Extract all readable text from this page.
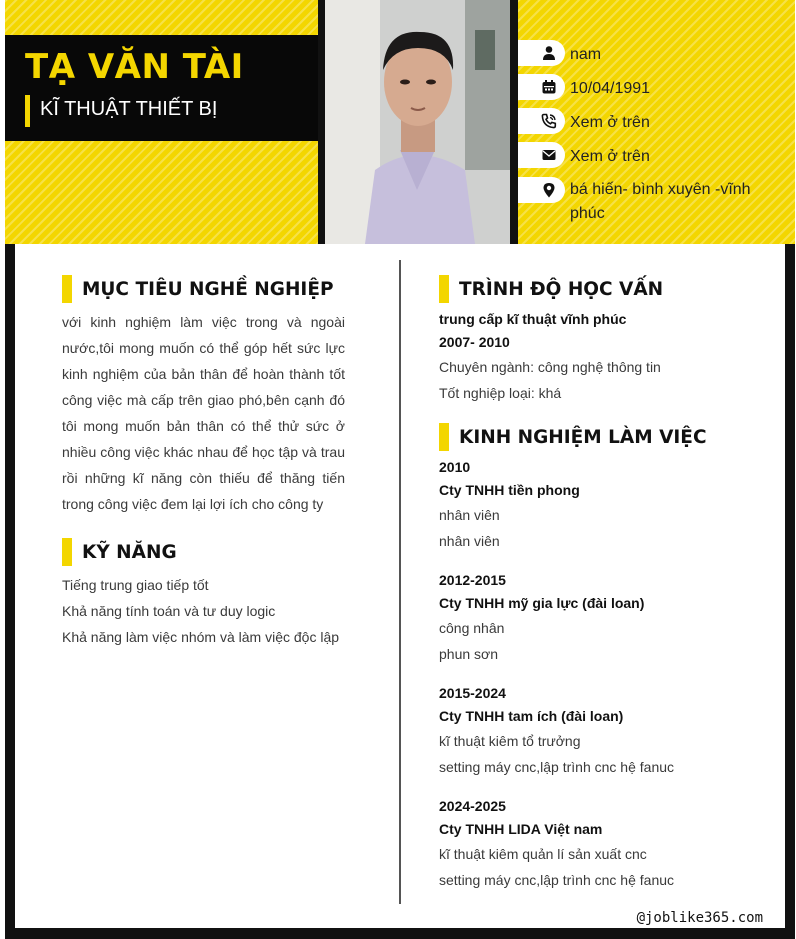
TẠ VĂN TÀI
KĨ THUẬT THIẾT BỊ
nam
10/04/1991
Xem ở trên
Xem ở trên
bá hiến- bình xuyên -vĩnh phúc
MỤC TIÊU NGHỀ NGHIỆP
với kinh nghiệm làm việc trong và ngoài nước,tôi mong muốn có thể góp hết sức lực kinh nghiệm của bản thân để hoàn thành tốt công việc mà cấp trên giao phó,bên cạnh đó tôi mong muốn bản thân có thể thử sức ở nhiều công việc khác nhau để học tập và trau rồi những kĩ năng còn thiếu để thăng tiến trong công việc đem lại lợi ích cho công ty
KỸ NĂNG
Tiếng trung giao tiếp tốt
Khả năng tính toán và tư duy logic
Khả năng làm việc nhóm và làm việc độc lập
TRÌNH ĐỘ HỌC VẤN
trung cấp kĩ thuật vĩnh phúc
2007- 2010
Chuyên ngành: công nghệ thông tin
Tốt nghiệp loại: khá
KINH NGHIỆM LÀM VIỆC
2010
Cty TNHH tiền phong
nhân viên
nhân viên
2012-2015
Cty TNHH mỹ gia lực (đài loan)
công nhân
phun sơn
2015-2024
Cty TNHH tam ích (đài loan)
kĩ thuật kiêm tổ trưởng
setting máy cnc,lập trình cnc hệ fanuc
2024-2025
Cty TNHH LIDA Việt nam
kĩ thuật kiêm quản lí sản xuất cnc
setting máy cnc,lập trình cnc hệ fanuc
@joblike365.com
